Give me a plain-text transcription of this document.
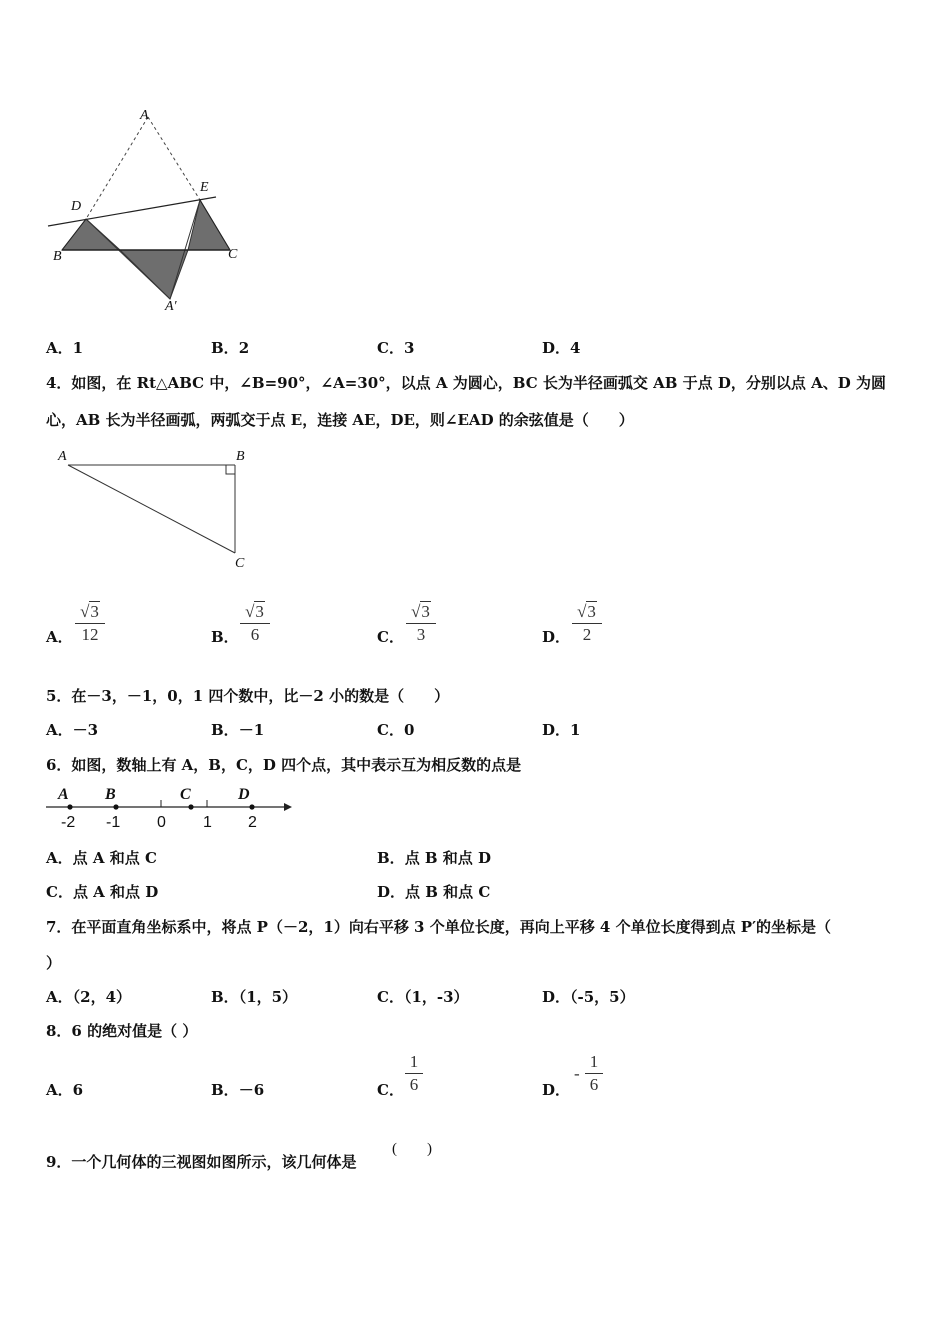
A
E
D
B	C
A′
A．1	B．2	C．3	D．4
4．如图，在 Rt△ABC 中，∠B=90°，∠A=30°，以点 A 为圆心，BC 长为半径画弧交 AB 于点 D，分别以点 A、D 为圆
心，AB 长为半径画弧，两弧交于点 E，连接 AE，DE，则∠EAD 的余弦值是（　　）
A	B
C
A．
√3
12	B．
√3
6	C．
√3
3	D．
√3
2
5．在－3，－1，0，1 四个数中，比－2 小的数是（　　）
A．－3	B．－1	C．0	D．1
6．如图，数轴上有 A，B，C，D 四个点，其中表示互为相反数的点是
A B	C	D
-2 -1 0 1 2
A．点 A 和点 C	B．点 B 和点 D
C．点 A 和点 D	D．点 B 和点 C
7．在平面直角坐标系中，将点 P（－2，1）向右平移 3 个单位长度，再向上平移 4 个单位长度得到点 P′的坐标是（
）
A．（2，4）	B．（1，5）	C．（1，-3）	D．（-5，5）
8．6 的绝对值是（ ）
A．6	B．－6	C．
1
6	D．
-
1
6
9．一个几何体的三视图如图所示，该几何体是
(　　)
